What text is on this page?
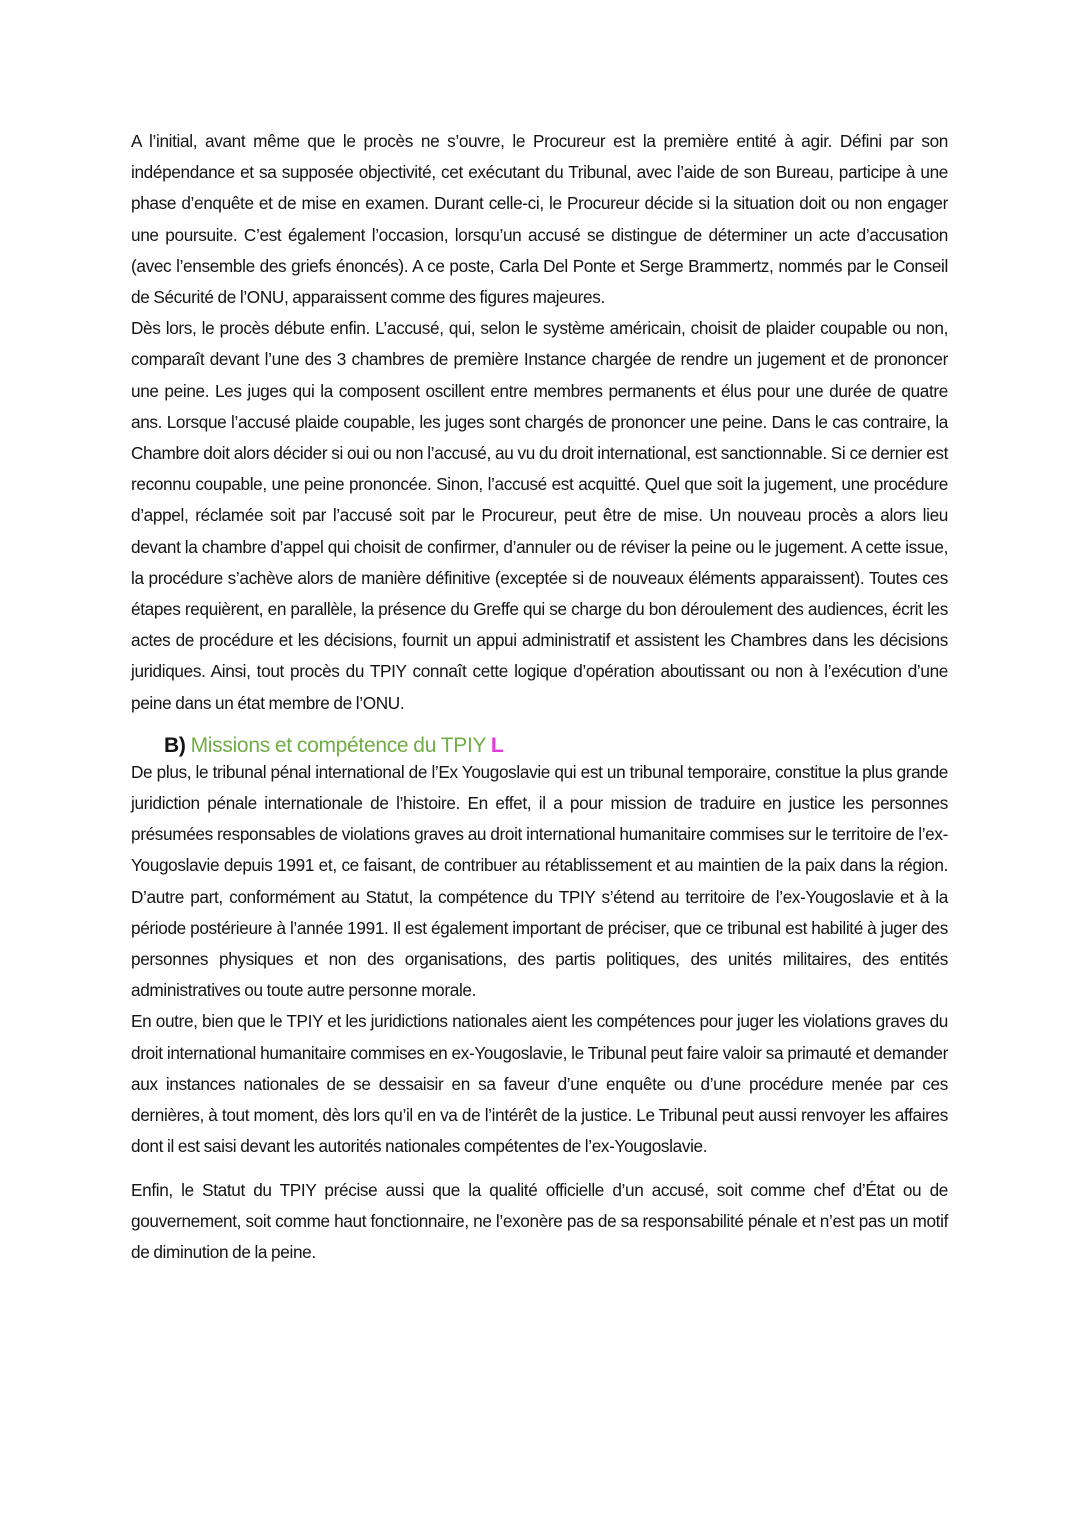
A l’initial, avant même que le procès ne s’ouvre, le Procureur est la première entité à agir. Défini par son indépendance et sa supposée objectivité, cet exécutant du Tribunal, avec l’aide de son Bureau, participe à une phase d’enquête et de mise en examen. Durant celle-ci, le Procureur décide si la situation doit ou non engager une poursuite. C’est également l’occasion, lorsqu’un accusé se distingue de déterminer un acte d’accusation (avec l’ensemble des griefs énoncés). A ce poste, Carla Del Ponte et Serge Brammertz, nommés par le Conseil de Sécurité de l’ONU, apparaissent comme des figures majeures.

Dès lors, le procès débute enfin. L’accusé, qui, selon le système américain, choisit de plaider coupable ou non, comparaît devant l’une des 3 chambres de première Instance chargée de rendre un jugement et de prononcer une peine. Les juges qui la composent oscillent entre membres permanents et élus pour une durée de quatre ans. Lorsque l’accusé plaide coupable, les juges sont chargés de prononcer une peine. Dans le cas contraire, la Chambre doit alors décider si oui ou non l’accusé, au vu du droit international, est sanctionnable. Si ce dernier est reconnu coupable, une peine prononcée. Sinon, l’accusé est acquitté. Quel que soit la jugement, une procédure d’appel, réclamée soit par l’accusé soit par le Procureur, peut être de mise. Un nouveau procès a alors lieu devant la chambre d’appel qui choisit de confirmer, d’annuler ou de réviser la peine ou le jugement. A cette issue, la procédure s’achève alors de manière définitive (exceptée si de nouveaux éléments apparaissent). Toutes ces étapes requièrent, en parallèle, la présence du Greffe qui se charge du bon déroulement des audiences, écrit les actes de procédure et les décisions, fournit un appui administratif et assistent les Chambres dans les décisions juridiques. Ainsi, tout procès du TPIY connaît cette logique d’opération aboutissant ou non à l’exécution d’une peine dans un état membre de l’ONU.

B) Missions et compétence du TPIY L

De plus, le tribunal pénal international de l’Ex Yougoslavie qui est un tribunal temporaire, constitue la plus grande juridiction pénale internationale de l’histoire. En effet, il a pour mission de traduire en justice les personnes présumées responsables de violations graves au droit international humanitaire commises sur le territoire de l’ex-Yougoslavie depuis 1991 et, ce faisant, de contribuer au rétablissement et au maintien de la paix dans la région. D’autre part, conformément au Statut, la compétence du TPIY s’étend au territoire de l’ex-Yougoslavie et à la période postérieure à l’année 1991. Il est également important de préciser, que ce tribunal est habilité à juger des personnes physiques et non des organisations, des partis politiques, des unités militaires, des entités administratives ou toute autre personne morale.

En outre, bien que le TPIY et les juridictions nationales aient les compétences pour juger les violations graves du droit international humanitaire commises en ex-Yougoslavie, le Tribunal peut faire valoir sa primauté et demander aux instances nationales de se dessaisir en sa faveur d’une enquête ou d’une procédure menée par ces dernières, à tout moment, dès lors qu’il en va de l’intérêt de la justice. Le Tribunal peut aussi renvoyer les affaires dont il est saisi devant les autorités nationales compétentes de l’ex-Yougoslavie.

Enfin, le Statut du TPIY précise aussi que la qualité officielle d’un accusé, soit comme chef d’État ou de gouvernement, soit comme haut fonctionnaire, ne l’exonère pas de sa responsabilité pénale et n’est pas un motif de diminution de la peine.
